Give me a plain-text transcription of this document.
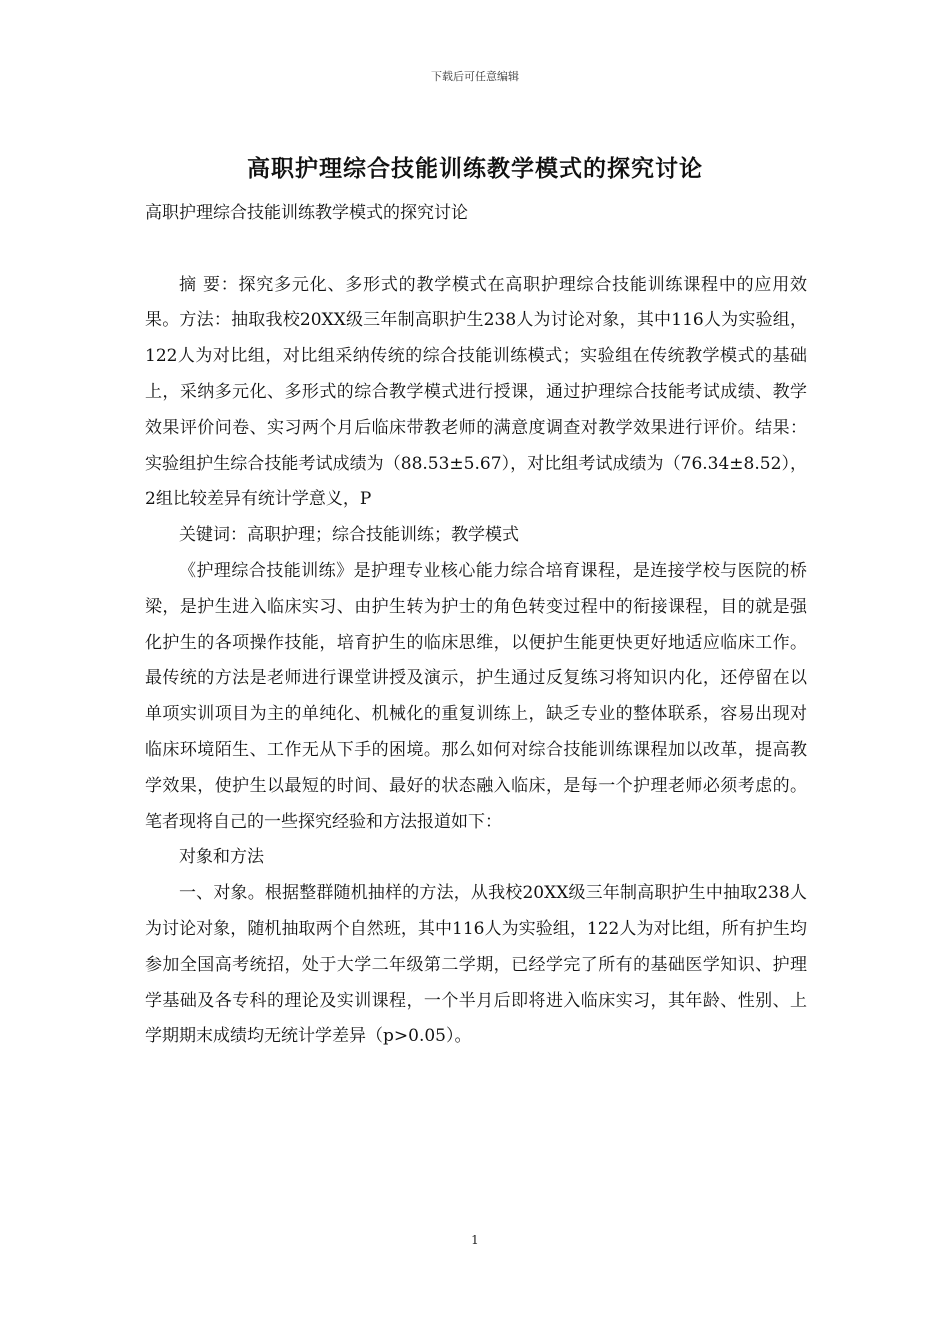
下载后可任意编辑
高职护理综合技能训练教学模式的探究讨论

高职护理综合技能训练教学模式的探究讨论

摘 要：探究多元化、多形式的教学模式在高职护理综合技能训练课程中的应用效果。方法：抽取我校20XX级三年制高职护生238人为讨论对象，其中116人为实验组，122人为对比组，对比组采纳传统的综合技能训练模式；实验组在传统教学模式的基础上，采纳多元化、多形式的综合教学模式进行授课，通过护理综合技能考试成绩、教学效果评价问卷、实习两个月后临床带教老师的满意度调查对教学效果进行评价。结果：实验组护生综合技能考试成绩为（88.53±5.67），对比组考试成绩为（76.34±8.52），2组比较差异有统计学意义，P

关键词：高职护理；综合技能训练；教学模式

《护理综合技能训练》是护理专业核心能力综合培育课程，是连接学校与医院的桥梁，是护生进入临床实习、由护生转为护士的角色转变过程中的衔接课程，目的就是强化护生的各项操作技能，培育护生的临床思维，以便护生能更快更好地适应临床工作。最传统的方法是老师进行课堂讲授及演示，护生通过反复练习将知识内化，还停留在以单项实训项目为主的单纯化、机械化的重复训练上，缺乏专业的整体联系，容易出现对临床环境陌生、工作无从下手的困境。那么如何对综合技能训练课程加以改革，提高教学效果，使护生以最短的时间、最好的状态融入临床，是每一个护理老师必须考虑的。笔者现将自己的一些探究经验和方法报道如下：

对象和方法

一、对象。根据整群随机抽样的方法，从我校20XX级三年制高职护生中抽取238人为讨论对象，随机抽取两个自然班，其中116人为实验组，122人为对比组，所有护生均参加全国高考统招，处于大学二年级第二学期，已经学完了所有的基础医学知识、护理学基础及各专科的理论及实训课程，一个半月后即将进入临床实习，其年龄、性别、上学期期末成绩均无统计学差异（p>0.05）。

1
